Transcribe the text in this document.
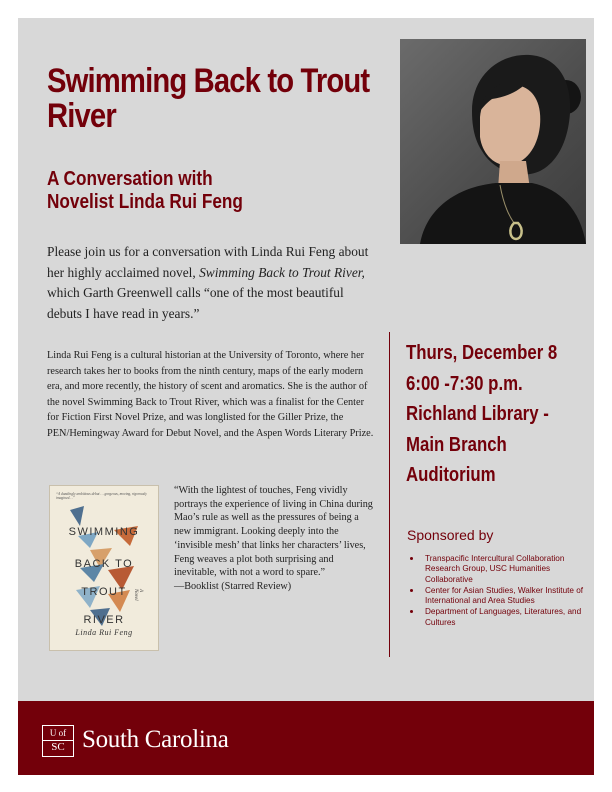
Swimming Back to Trout River
A Conversation with
Novelist Linda Rui Feng

Please join us for a conversation with Linda Rui Feng about her highly acclaimed novel, Swimming Back to Trout River, which Garth Greenwell calls “one of the most beautiful debuts I have read in years.”

Linda Rui Feng is a cultural historian at the University of Toronto, where her research takes her to books from the ninth century, maps of the early modern era, and more recently, the history of scent and aromatics. She is the author of the novel Swimming Back to Trout River, which was a finalist for the Center for Fiction First Novel Prize, and was longlisted for the Giller Prize, the PEN/Hemingway Award for Debut Novel, and the Aspen Words Literary Prize.

Thurs, December 8
6:00 -7:30 p.m.
Richland Library -
Main Branch
Auditorium
Sponsored by
Transpacific Intercultural Collaboration Research Group, USC Humanities Collaborative
Center for Asian Studies, Walker Institute of International and Area Studies
Department of Languages, Literatures, and Cultures
“A dazzlingly ambitious debut … gorgeous, moving, rigorously imagined…”
SWIMMING
BACK TO
TROUT
RIVER
A Novel
Linda Rui Feng

“With the lightest of touches, Feng vividly portrays the experience of living in China during Mao’s rule as well as the pressures of being a new immigrant. Looking deeply into the ‘invisible mesh’ that links her characters’ lives, Feng weaves a plot both surprising and inevitable, with not a word to spare.”
—Booklist (Starred Review)

U of
SC South Carolina
